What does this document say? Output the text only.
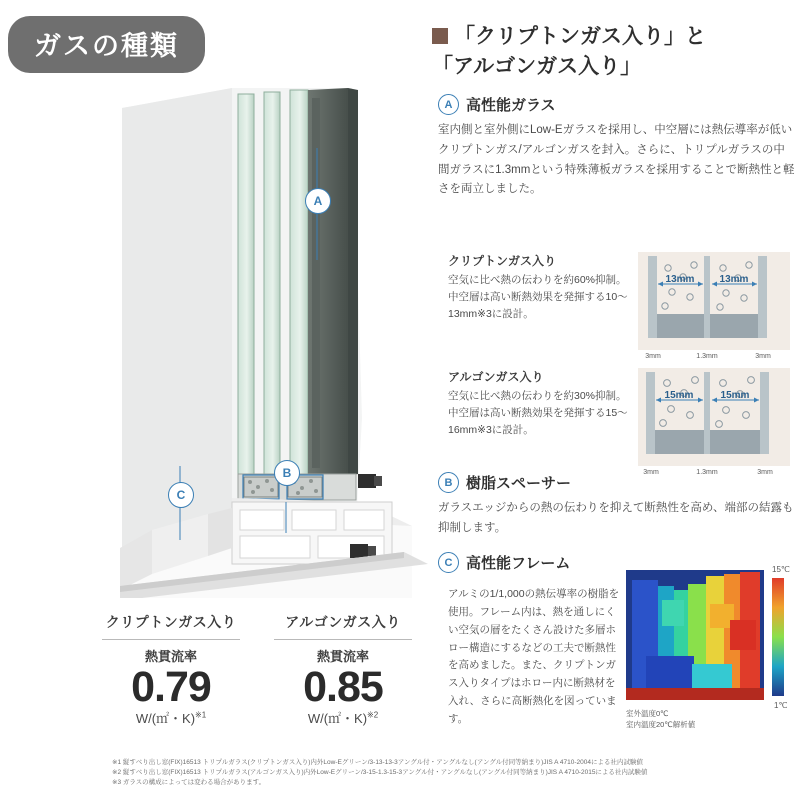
ガスの種類
A
B
C
クリプトンガス入り
熱貫流率
0.79
W/(㎡・K)$^{※1}$
アルゴンガス入り
熱貫流率
0.85
W/(㎡・K)$^{※2}$
※1 縦すべり出し窓(FIX)16513 トリプルガラス(クリプトンガス入り)内外Low-Eグリーン/3-13-13-3アングル付・アングルなし(アングル付同等納まり)JIS A 4710-2004による社内試験値
※2 縦すべり出し窓(FIX)16513 トリプルガラス(アルゴンガス入り)内外Low-Eグリーン/3-15-1.3-15-3アングル付・アングルなし(アングル付同等納まり)JIS A 4710-2015による社内試験値
※3 ガラスの構成によっては変わる場合があります。
「クリプトンガス入り」と
「アルゴンガス入り」
A 高性能ガラス
室内側と室外側にLow-Eガラスを採用し、中空層には熱伝導率が低いクリプトンガス/アルゴンガスを封入。さらに、トリプルガラスの中間ガラスに1.3mmという特殊薄板ガラスを採用することで断熱性と軽さを両立しました。
クリプトンガス入り
空気に比べ熱の伝わりを約60%抑制。中空層は高い断熱効果を発揮する10〜13mm※3に設計。
13mm	13mm
3mm	1.3mm	3mm
アルゴンガス入り
空気に比べ熱の伝わりを約30%抑制。中空層は高い断熱効果を発揮する15〜16mm※3に設計。
15mm	15mm
3mm	1.3mm	3mm
B 樹脂スペーサー
ガラスエッジからの熱の伝わりを抑えて断熱性を高め、端部の結露も抑制します。
C 高性能フレーム
アルミの1/1,000の熱伝導率の樹脂を使用。フレーム内は、熱を通しにくい空気の層をたくさん設けた多層ホロー構造にするなどの工夫で断熱性を高めました。また、クリプトンガス入りタイプはホロー内に断熱材を入れ、さらに高断熱化を図っています。
15℃
1℃
室外温度0℃
室内温度20℃解析値
